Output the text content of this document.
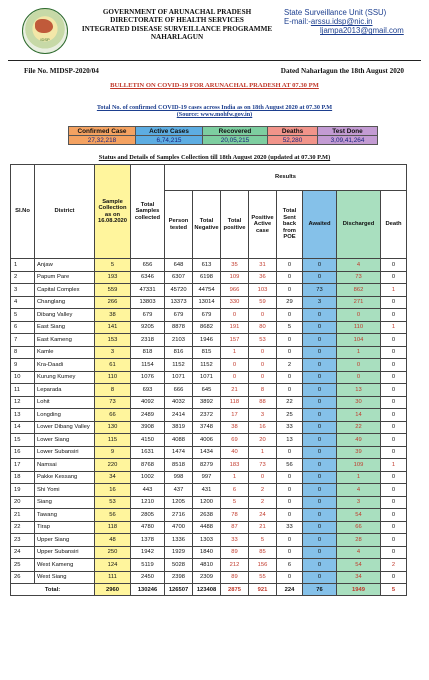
IDSP
GOVERNMENT OF ARUNACHAL PRADESH
DIRECTORATE OF HEALTH SERVICES
INTEGRATED DISEASE SURVEILLANCE PROGRAMME
NAHARLAGUN
State Surveillance Unit (SSU)
E-mail:-arssu.idsp@nic.in
ljampa2013@gmail.com
File No. MIDSP-2020/04	Dated Naharlagun the 18th August 2020
BULLETIN ON COVID-19 FOR ARUNACHAL PRADESH AT 07.30 PM
Total No. of confirmed COVID-19 cases across India as on 18th August 2020 at 07.30 P.M
(Source: www.mohfw.gov.in)
Confirmed Case	Active Cases	Recovered	Deaths	Test Done
27,32,218	6,74,215	20,05,215	52,280	3,09,41,264
Status and Details of Samples Collection till 18th August 2020 (updated at 07.30 P.M)
Sl.No	District	Sample Collection as on 16.08.2020	Total Samples collected	Results							
				Person tested	Total Negative	Total positive	Positive Active case	Total Sent back from POE	Awaited	Discharged	Death
1	Anjaw	5	656	648	613	35	31	0	0	4	0
2	Papum Pare	193	6346	6307	6198	109	36	0	0	73	0
3	Capital Complex	559	47331	45720	44754	966	103	0	73	862	1
4	Changlang	266	13803	13373	13014	330	59	29	3	271	0
5	Dibang Valley	38	679	679	679	0	0	0	0	0	0
6	East Siang	141	9205	8878	8682	191	80	5	0	110	1
7	East Kameng	153	2318	2103	1946	157	53	0	0	104	0
8	Kamle	3	818	816	815	1	0	0	0	1	0
9	Kra-Daadi	61	1154	1152	1152	0	0	2	0	0	0
10	Kurung Kumey	110	1076	1071	1071	0	0	0	0	0	0
11	Leparada	8	693	666	645	21	8	0	0	13	0
12	Lohit	73	4092	4032	3892	118	88	22	0	30	0
13	Longding	66	2489	2414	2372	17	3	25	0	14	0
14	Lower Dibang Valley	130	3908	3819	3748	38	16	33	0	22	0
15	Lower Siang	115	4150	4088	4006	69	20	13	0	49	0
16	Lower Subansiri	9	1631	1474	1434	40	1	0	0	39	0
17	Namsai	220	8768	8518	8279	183	73	56	0	109	1
18	Pakke Kessang	34	1002	998	997	1	0	0	0	1	0
19	Shi Yomi	16	443	437	431	6	2	0	0	4	0
20	Siang	53	1210	1205	1200	5	2	0	0	3	0
21	Tawang	56	2805	2716	2638	78	24	0	0	54	0
22	Tirap	118	4780	4700	4488	87	21	33	0	66	0
23	Upper Siang	48	1378	1336	1303	33	5	0	0	28	0
24	Upper Subansiri	250	1942	1929	1840	89	85	0	0	4	0
25	West Kameng	124	5119	5028	4810	212	156	6	0	54	2
26	West Siang	111	2450	2398	2309	89	55	0	0	34	0
Total:		2960	130246	126507	123408	2875	921	224	76	1949	5
